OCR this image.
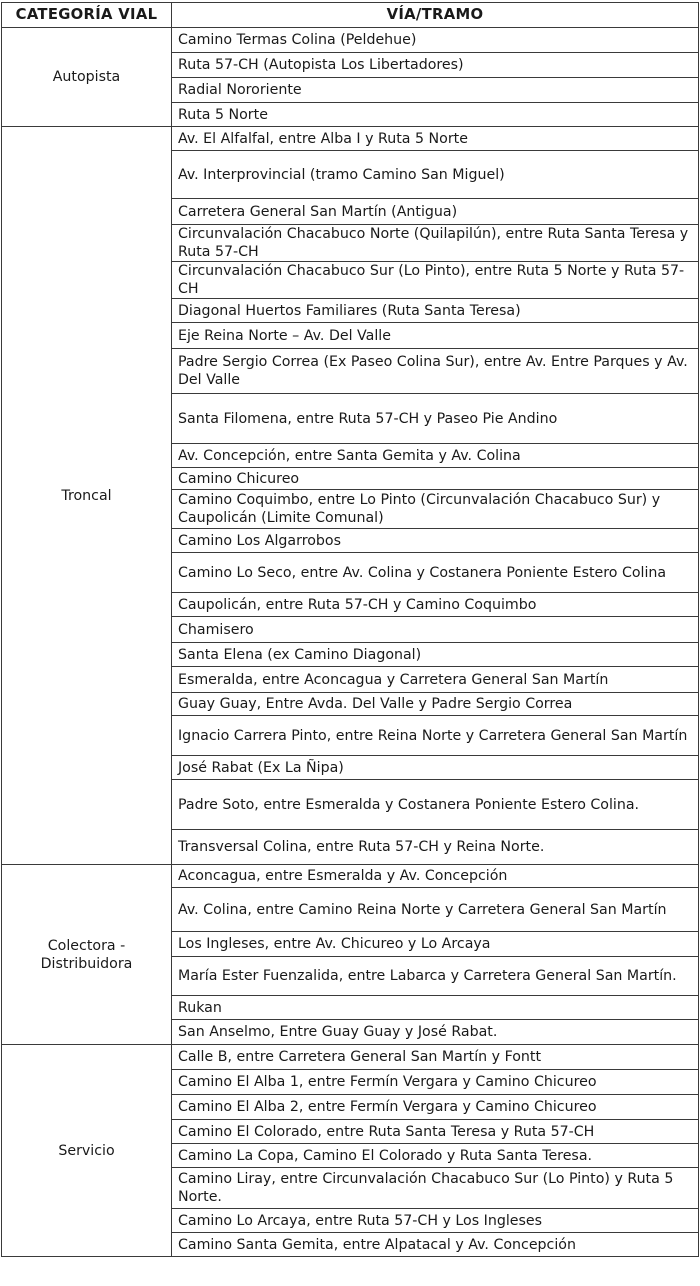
CATEGORÍA VIAL	VÍA/TRAMO
Autopista	Camino Termas Colina (Peldehue)
	Ruta 57-CH (Autopista Los Libertadores)
	Radial Nororiente
	Ruta 5 Norte
Troncal	Av. El Alfalfal, entre Alba I y Ruta 5 Norte
	Av. Interprovincial (tramo Camino San Miguel)
	Carretera General San Martín (Antigua)
	Circunvalación Chacabuco Norte (Quilapilún), entre Ruta Santa Teresa y Ruta 57-CH
	Circunvalación Chacabuco Sur (Lo Pinto), entre Ruta 5 Norte y Ruta 57-CH
	Diagonal Huertos Familiares (Ruta Santa Teresa)
	Eje Reina Norte – Av. Del Valle
	Padre Sergio Correa (Ex Paseo Colina Sur), entre Av. Entre Parques y Av. Del Valle
	Santa Filomena, entre Ruta 57-CH y Paseo Pie Andino
	Av. Concepción, entre Santa Gemita y Av. Colina
	Camino Chicureo
	Camino Coquimbo, entre Lo Pinto (Circunvalación Chacabuco Sur) y Caupolicán (Limite Comunal)
	Camino Los Algarrobos
	Camino Lo Seco, entre Av. Colina y Costanera Poniente Estero Colina
	Caupolicán, entre Ruta 57-CH y Camino Coquimbo
	Chamisero
	Santa Elena (ex Camino Diagonal)
	Esmeralda, entre Aconcagua y Carretera General San Martín
	Guay Guay, Entre Avda. Del Valle y Padre Sergio Correa
	Ignacio Carrera Pinto, entre Reina Norte y Carretera General San Martín
	José Rabat (Ex La Ñipa)
	Padre Soto, entre Esmeralda y Costanera Poniente Estero Colina.
	Transversal Colina, entre Ruta 57-CH y Reina Norte.
Colectora - Distribuidora	Aconcagua, entre Esmeralda y Av. Concepción
	Av. Colina, entre Camino Reina Norte y Carretera General San Martín
	Los Ingleses, entre Av. Chicureo y Lo Arcaya
	María Ester Fuenzalida, entre Labarca y Carretera General San Martín.
	Rukan
	San Anselmo, Entre Guay Guay y José Rabat.
Servicio	Calle B, entre Carretera General San Martín y Fontt
	Camino El Alba 1, entre Fermín Vergara y Camino Chicureo
	Camino El Alba 2, entre Fermín Vergara y Camino Chicureo
	Camino El Colorado, entre Ruta Santa Teresa y Ruta 57-CH
	Camino La Copa, Camino El Colorado y Ruta Santa Teresa.
	Camino Liray, entre Circunvalación Chacabuco Sur (Lo Pinto) y Ruta 5 Norte.
	Camino Lo Arcaya, entre Ruta 57-CH y Los Ingleses
	Camino Santa Gemita, entre Alpatacal y Av. Concepción
